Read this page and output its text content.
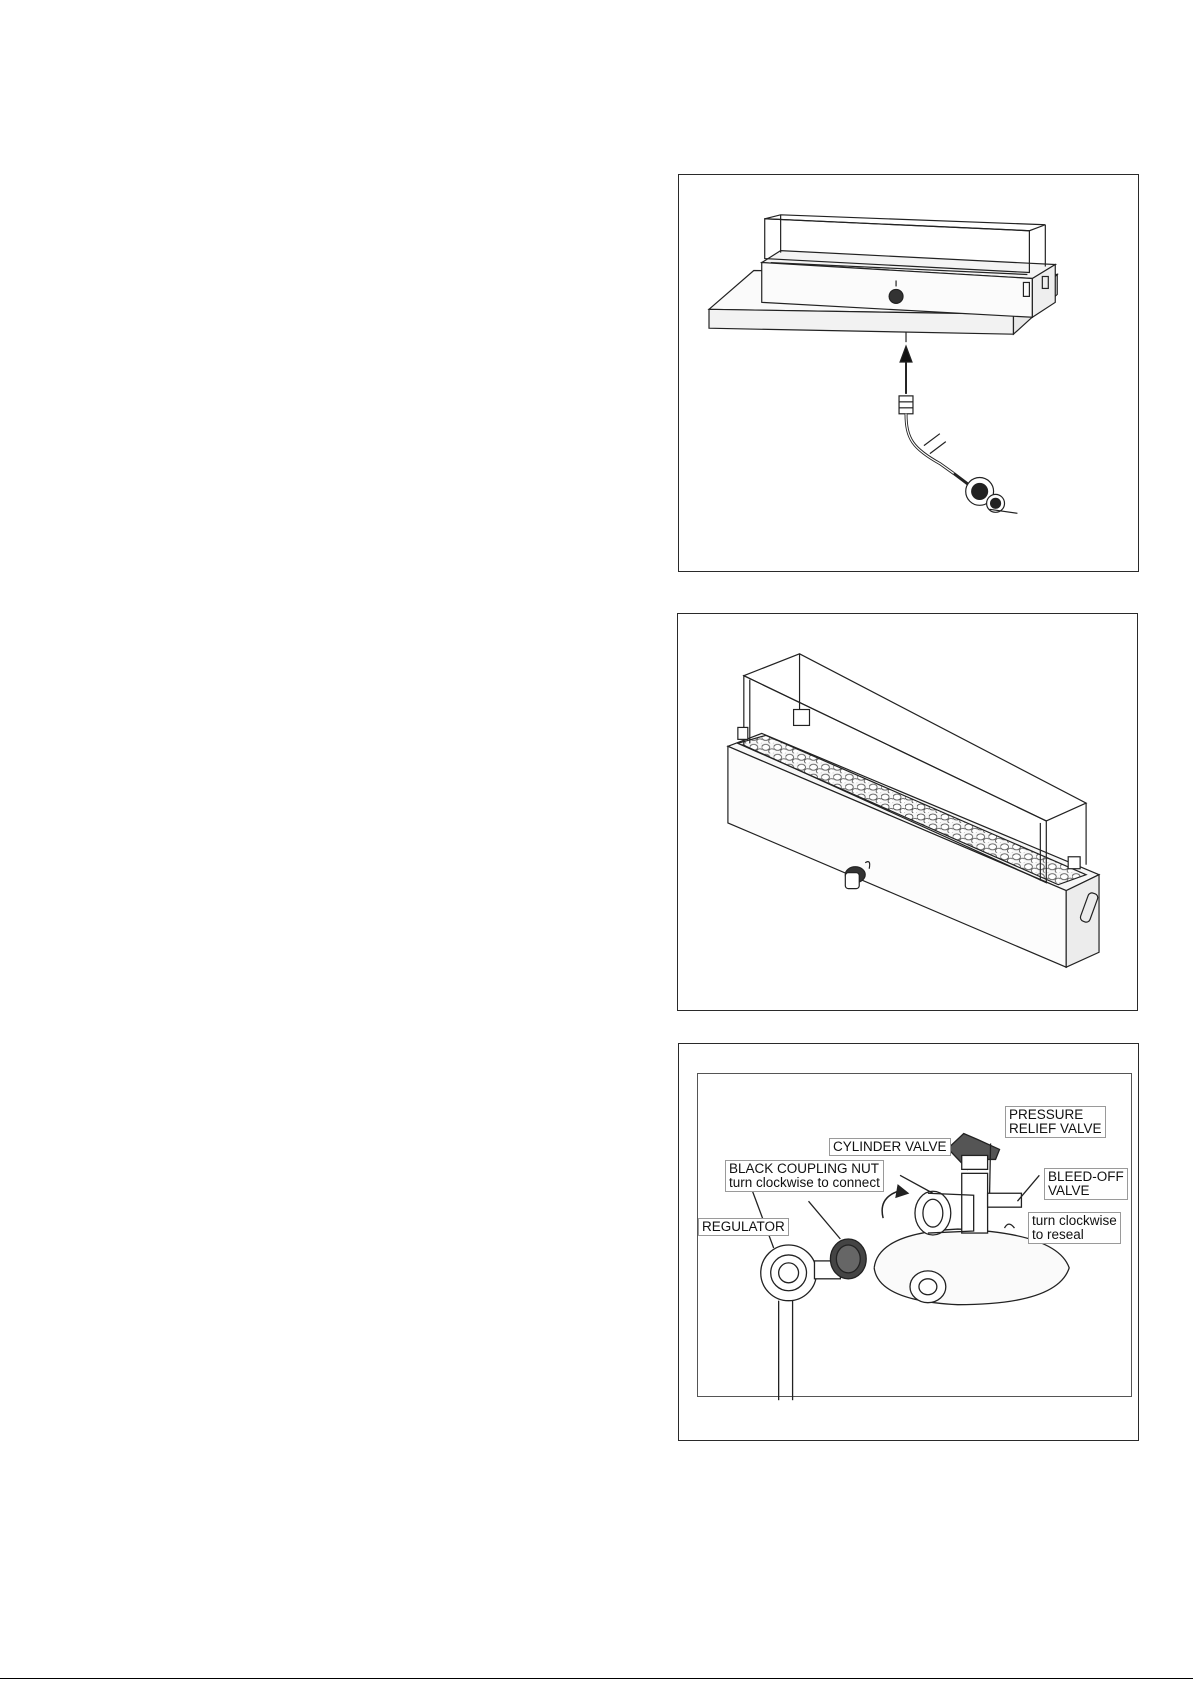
PRESSURE
RELIEF VALVE
CYLINDER VALVE
BLACK COUPLING NUT
turn clockwise to connect	BLEED-OFF
VALVE
turn clockwise
to reseal
REGULATOR
